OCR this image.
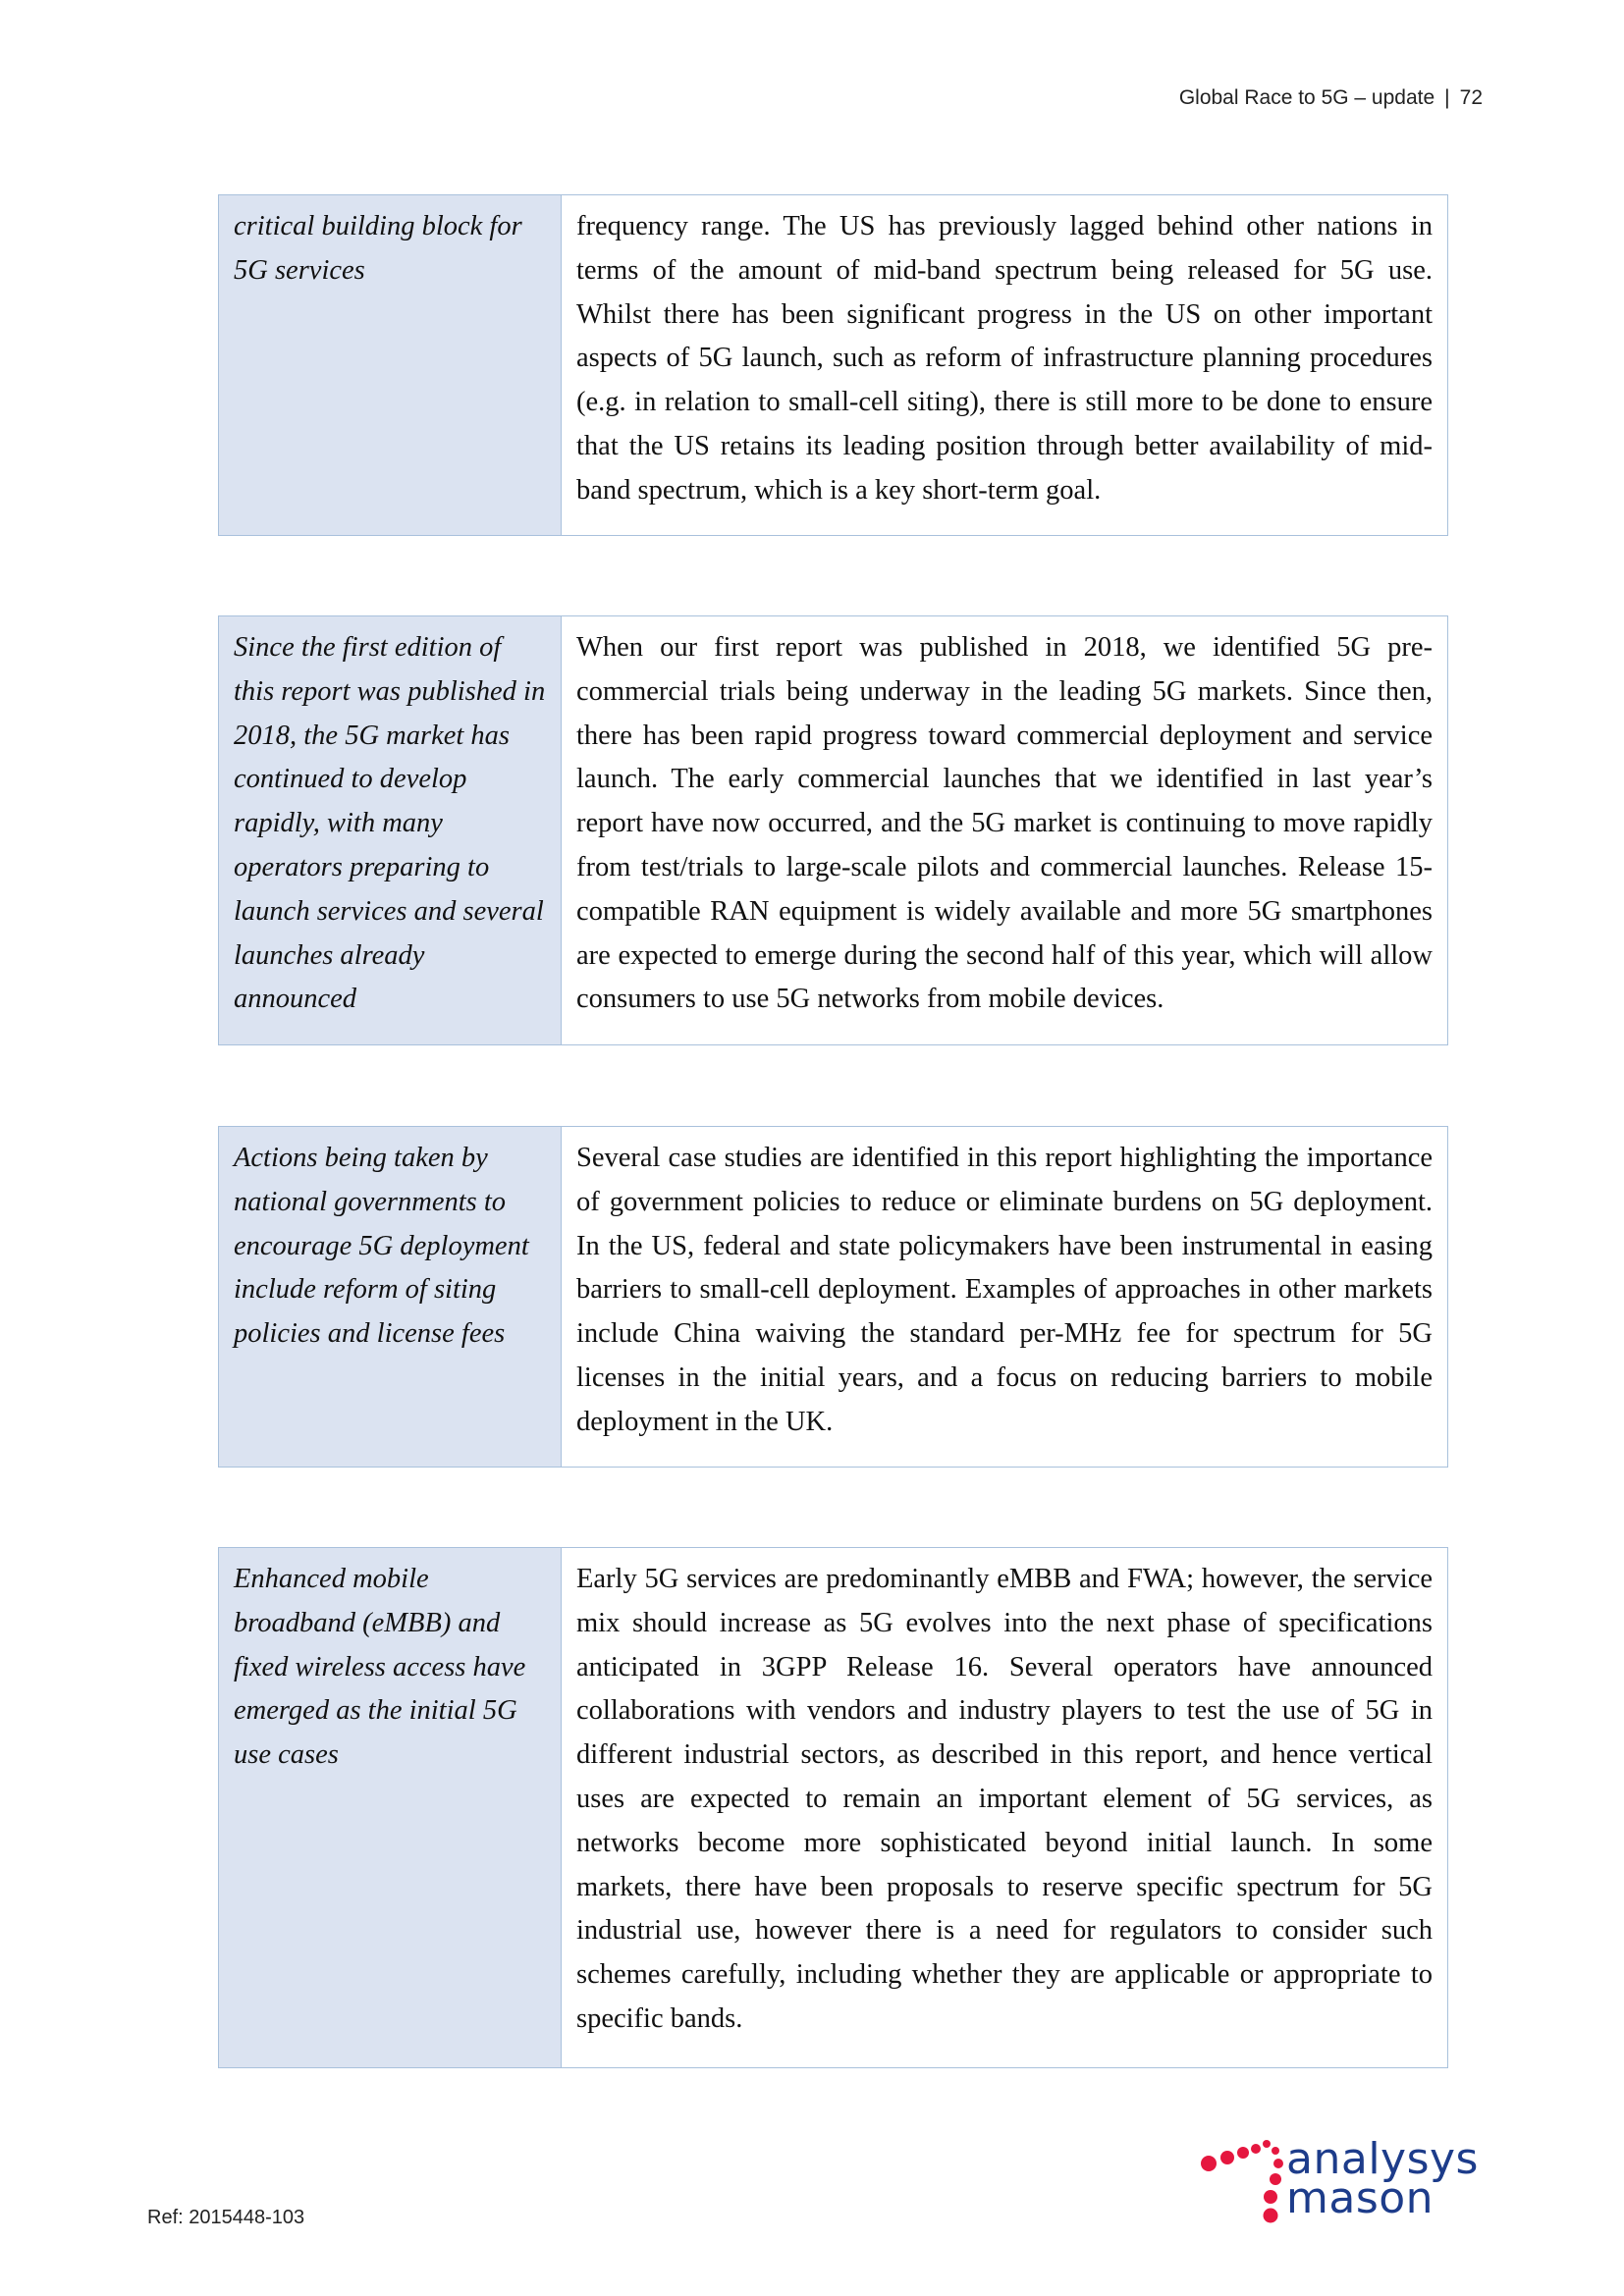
Global Race to 5G – update | 72
critical building block for 5G services
frequency range. The US has previously lagged behind other nations in terms of the amount of mid-band spectrum being released for 5G use. Whilst there has been significant progress in the US on other important aspects of 5G launch, such as reform of infrastructure planning procedures (e.g. in relation to small-cell siting), there is still more to be done to ensure that the US retains its leading position through better availability of mid-band spectrum, which is a key short-term goal.
Since the first edition of this report was published in 2018, the 5G market has continued to develop rapidly, with many operators preparing to launch services and several launches already announced
When our first report was published in 2018, we identified 5G pre-commercial trials being underway in the leading 5G markets. Since then, there has been rapid progress toward commercial deployment and service launch. The early commercial launches that we identified in last year’s report have now occurred, and the 5G market is continuing to move rapidly from test/trials to large-scale pilots and commercial launches. Release 15-compatible RAN equipment is widely available and more 5G smartphones are expected to emerge during the second half of this year, which will allow consumers to use 5G networks from mobile devices.
Actions being taken by national governments to encourage 5G deployment include reform of siting policies and license fees
Several case studies are identified in this report highlighting the importance of government policies to reduce or eliminate burdens on 5G deployment. In the US, federal and state policymakers have been instrumental in easing barriers to small-cell deployment. Examples of approaches in other markets include China waiving the standard per-MHz fee for spectrum for 5G licenses in the initial years, and a focus on reducing barriers to mobile deployment in the UK.
Enhanced mobile broadband (eMBB) and fixed wireless access have emerged as the initial 5G use cases
Early 5G services are predominantly eMBB and FWA; however, the service mix should increase as 5G evolves into the next phase of specifications anticipated in 3GPP Release 16. Several operators have announced collaborations with vendors and industry players to test the use of 5G in different industrial sectors, as described in this report, and hence vertical uses are expected to remain an important element of 5G services, as networks become more sophisticated beyond initial launch. In some markets, there have been proposals to reserve specific spectrum for 5G industrial use, however there is a need for regulators to consider such schemes carefully, including whether they are applicable or appropriate to specific bands.
Ref: 2015448-103
analysys
mason
